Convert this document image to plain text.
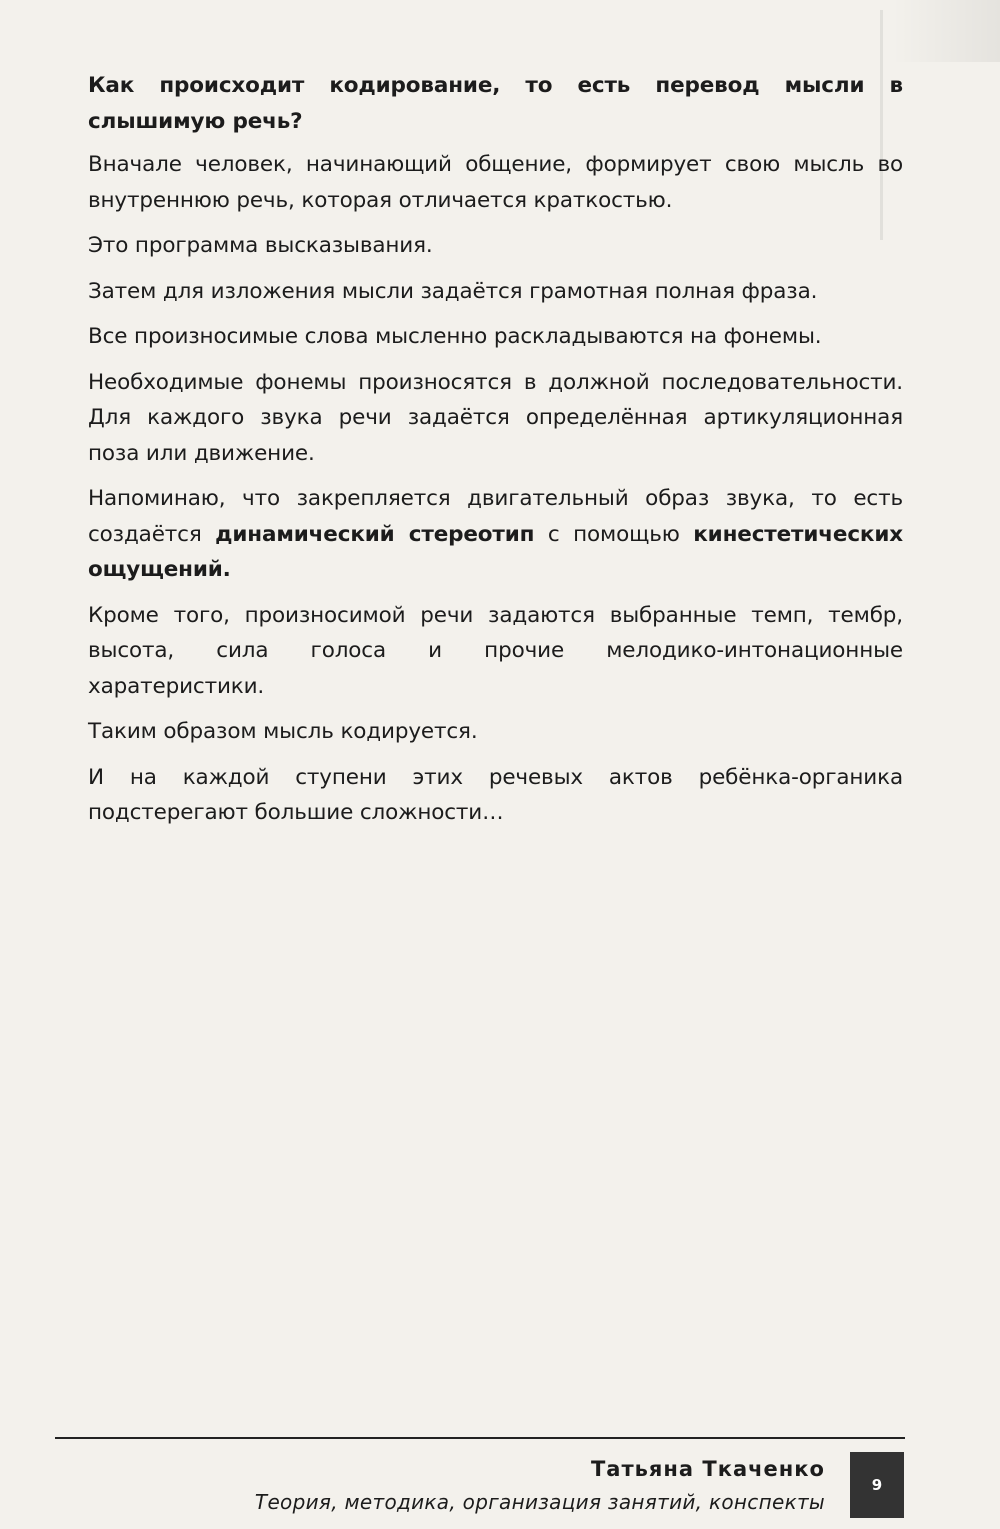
Как происходит кодирование, то есть перевод мысли в слышимую речь?

Вначале человек, начинающий общение, формирует свою мысль во внутреннюю речь, которая отличается краткостью.

Это программа высказывания.

Затем для изложения мысли задаётся грамотная полная фраза.

Все произносимые слова мысленно раскладываются на фонемы.

Необходимые фонемы произносятся в должной последовательности. Для каждого звука речи задаётся определённая артикуляционная поза или движение.

Напоминаю, что закрепляется двигательный образ звука, то есть создаётся динамический стереотип с помощью кинестетических ощущений.

Кроме того, произносимой речи задаются выбранные темп, тембр, высота, сила голоса и прочие мелодико-интонационные харатеристики.

Таким образом мысль кодируется.

И на каждой ступени этих речевых актов ребёнка-органика подстерегают большие сложности…

Татьяна Ткаченко
Теория, методика, организация занятий, конспекты
9
